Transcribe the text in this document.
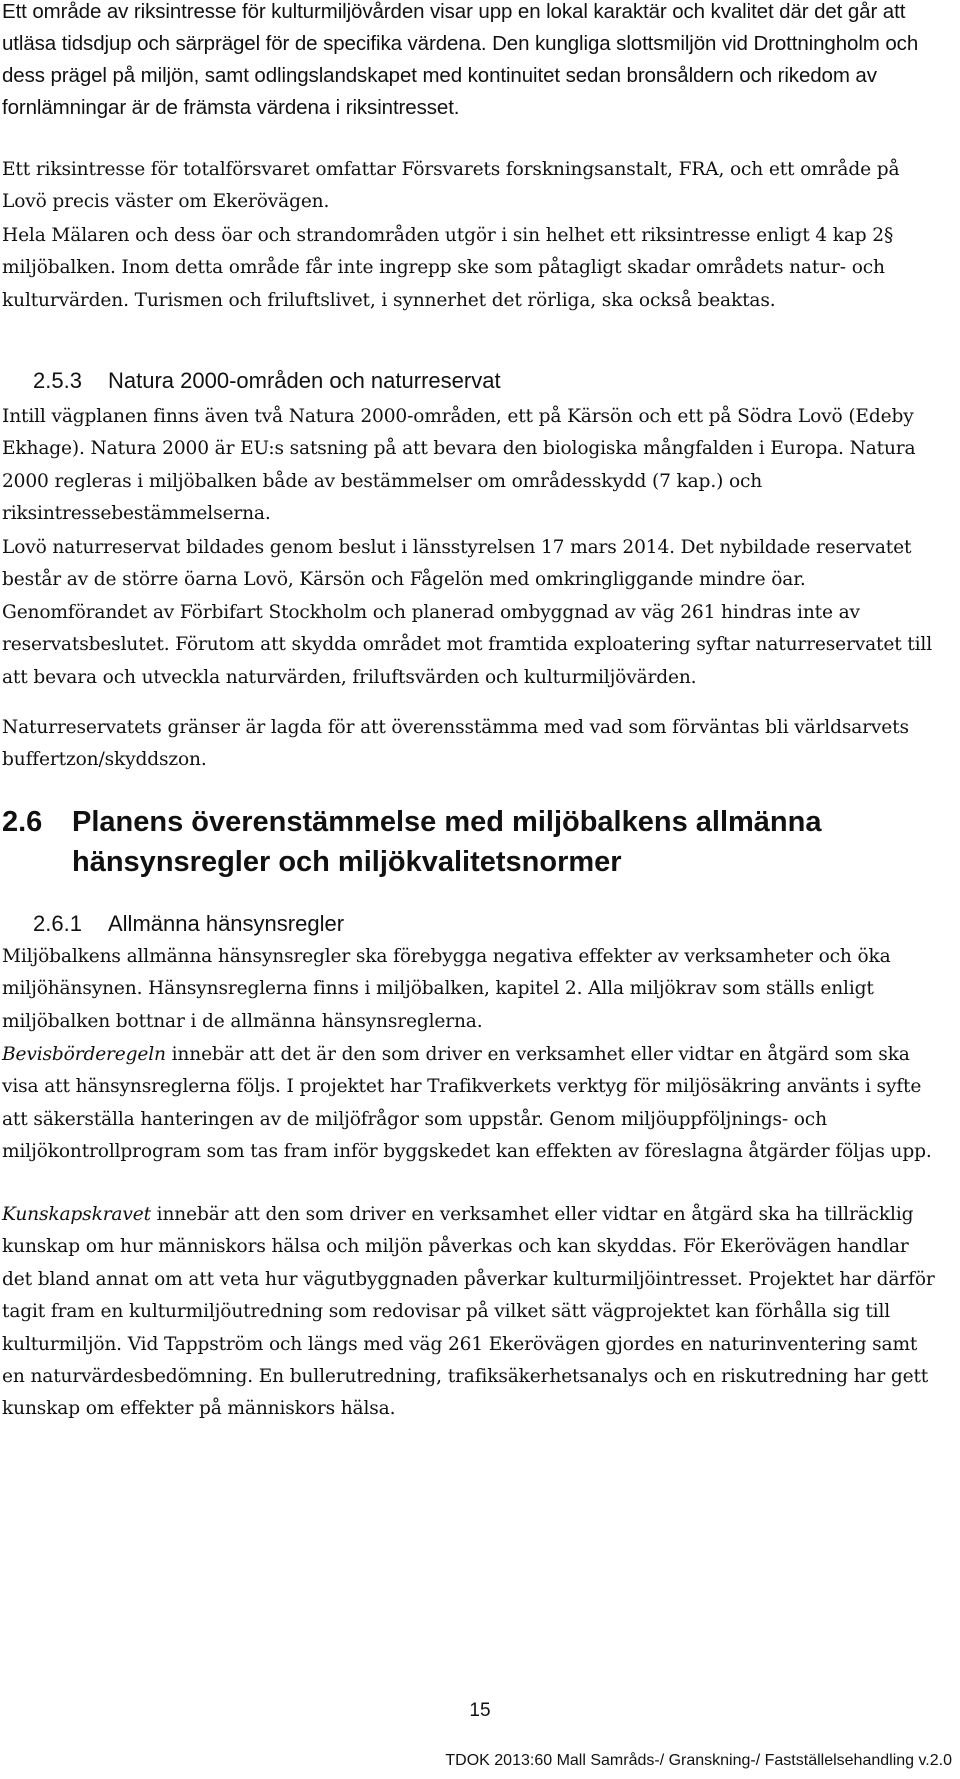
Ett område av riksintresse för kulturmiljövården visar upp en lokal karaktär och kvalitet där det går att utläsa tidsdjup och särprägel för de specifika värdena. Den kungliga slottsmiljön vid Drottningholm och dess prägel på miljön, samt odlingslandskapet med kontinuitet sedan bronsåldern och rikedom av fornlämningar är de främsta värdena i riksintresset.

Ett riksintresse för totalförsvaret omfattar Försvarets forskningsanstalt, FRA, och ett område på Lovö precis väster om Ekerövägen.

Hela Mälaren och dess öar och strandområden utgör i sin helhet ett riksintresse enligt 4 kap 2§ miljöbalken. Inom detta område får inte ingrepp ske som påtagligt skadar områdets natur- och kulturvärden. Turismen och friluftslivet, i synnerhet det rörliga, ska också beaktas.

2.5.3 Natura 2000-områden och naturreservat

Intill vägplanen finns även två Natura 2000-områden, ett på Kärsön och ett på Södra Lovö (Edeby Ekhage). Natura 2000 är EU:s satsning på att bevara den biologiska mångfalden i Europa. Natura 2000 regleras i miljöbalken både av bestämmelser om områdesskydd (7 kap.) och riksintressebestämmelserna.

Lovö naturreservat bildades genom beslut i länsstyrelsen 17 mars 2014. Det nybildade reservatet består av de större öarna Lovö, Kärsön och Fågelön med omkringliggande mindre öar. Genomförandet av Förbifart Stockholm och planerad ombyggnad av väg 261 hindras inte av reservatsbeslutet. Förutom att skydda området mot framtida exploatering syftar naturreservatet till att bevara och utveckla naturvärden, friluftsvärden och kulturmiljövärden.

Naturreservatets gränser är lagda för att överensstämma med vad som förväntas bli världsarvets buffertzon/skyddszon.

2.6 Planens överenstämmelse med miljöbalkens allmänna
hänsynsregler och miljökvalitetsnormer
2.6.1 Allmänna hänsynsregler

Miljöbalkens allmänna hänsynsregler ska förebygga negativa effekter av verksamheter och öka miljöhänsynen. Hänsynsreglerna finns i miljöbalken, kapitel 2. Alla miljökrav som ställs enligt miljöbalken bottnar i de allmänna hänsynsreglerna.

Bevisbörderegeln innebär att det är den som driver en verksamhet eller vidtar en åtgärd som ska visa att hänsynsreglerna följs. I projektet har Trafikverkets verktyg för miljösäkring använts i syfte att säkerställa hanteringen av de miljöfrågor som uppstår. Genom miljöuppföljnings- och miljökontrollprogram som tas fram inför byggskedet kan effekten av föreslagna åtgärder följas upp.

Kunskapskravet innebär att den som driver en verksamhet eller vidtar en åtgärd ska ha tillräcklig kunskap om hur människors hälsa och miljön påverkas och kan skyddas. För Ekerövägen handlar det bland annat om att veta hur vägutbyggnaden påverkar kulturmiljöintresset. Projektet har därför tagit fram en kulturmiljöutredning som redovisar på vilket sätt vägprojektet kan förhålla sig till kulturmiljön. Vid Tappström och längs med väg 261 Ekerövägen gjordes en naturinventering samt en naturvärdesbedömning. En bullerutredning, trafiksäkerhetsanalys och en riskutredning har gett kunskap om effekter på människors hälsa.

15
TDOK 2013:60 Mall Samråds-/ Granskning-/ Fastställelsehandling v.2.0
